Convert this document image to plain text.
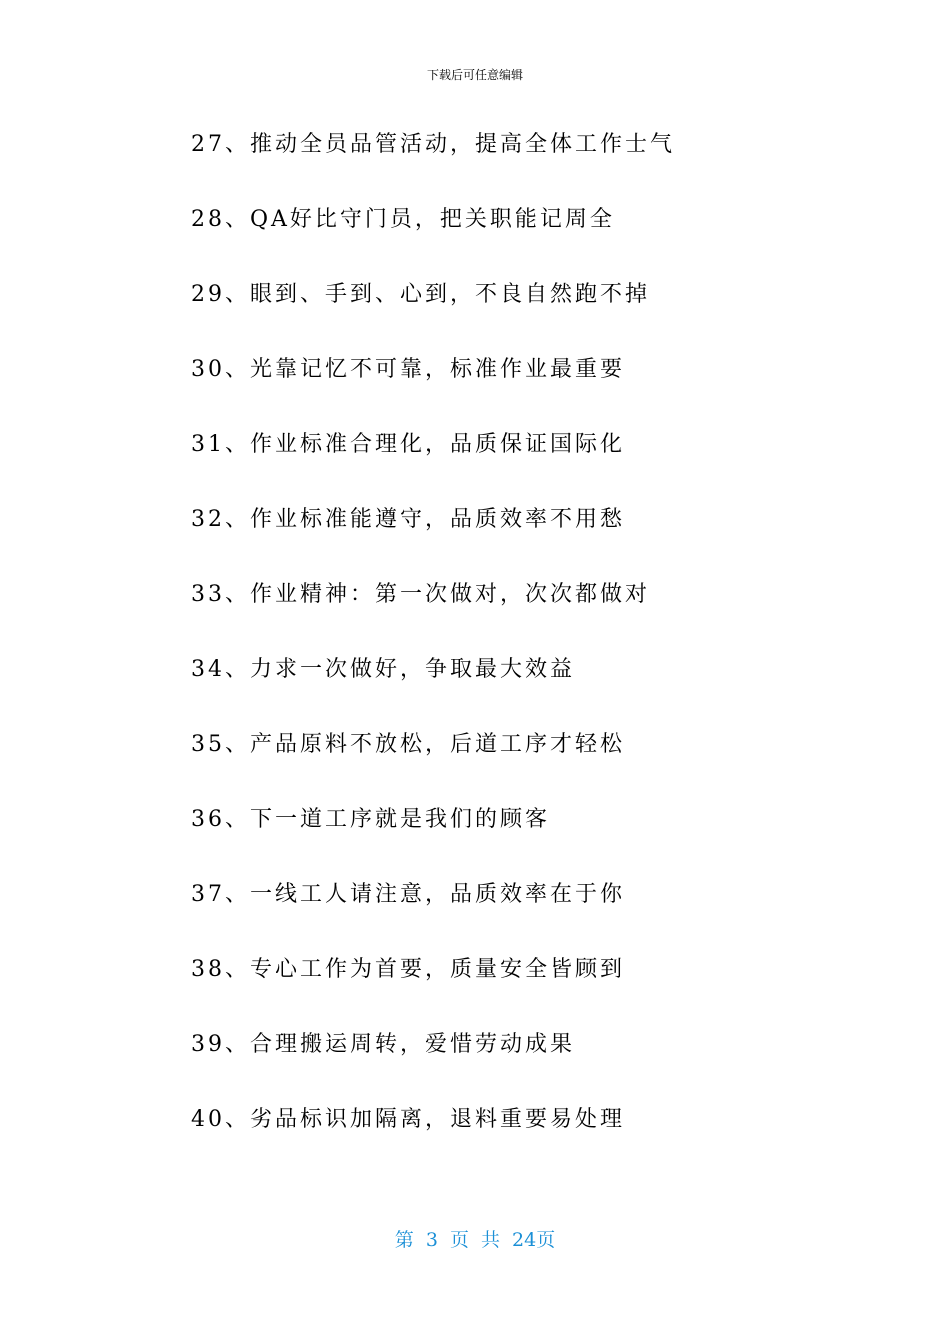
下载后可任意编辑
27、推动全员品管活动，提高全体工作士气
28、QA好比守门员，把关职能记周全
29、眼到、手到、心到，不良自然跑不掉
30、光靠记忆不可靠，标准作业最重要
31、作业标准合理化，品质保证国际化
32、作业标准能遵守，品质效率不用愁
33、作业精神：第一次做对，次次都做对
34、力求一次做好，争取最大效益
35、产品原料不放松，后道工序才轻松
36、下一道工序就是我们的顾客
37、一线工人请注意，品质效率在于你
38、专心工作为首要，质量安全皆顾到
39、合理搬运周转，爱惜劳动成果
40、劣品标识加隔离，退料重要易处理
第 3 页 共 24页
